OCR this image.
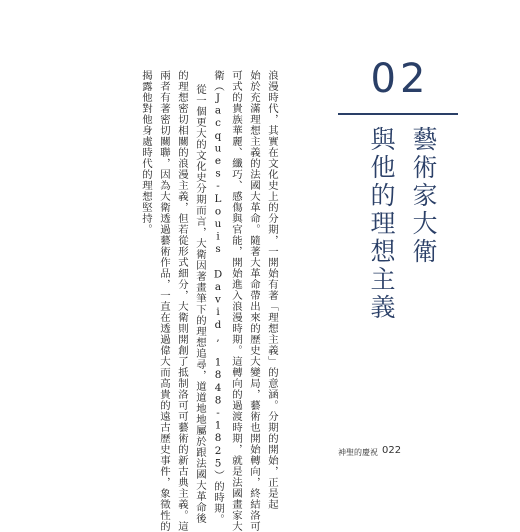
02
藝術家大衛
與他的理想主義
浪漫時代，其實在文化史上的分期，一開始有著「理想主義」的意涵。分期的開始，正是起
始於充滿理想主義的法國大革命。隨著大革命帶出來的歷史大變局，藝術也開始轉向，終結洛可
可式的貴族華麗、纖巧、感傷與官能，開始進入浪漫時期。這轉向的過渡時期，就是法國畫家大
衛（Jacques-Louis David, 1848-1825）的時期。
從一個更大的文化史分期而言，大衛因著畫筆下的理想追尋，道道地地屬於跟法國大革命後
的理想密切相關的浪漫主義，但若從形式細分，大衛則開創了抵制洛可可藝術的新古典主義。這
兩者有著密切關聯，因為大衛透過藝術作品，一直在透過偉大而高貴的遠古歷史事件，象徵性的
揭露他對他身處時代的理想堅持。
神聖的慶祝 022
